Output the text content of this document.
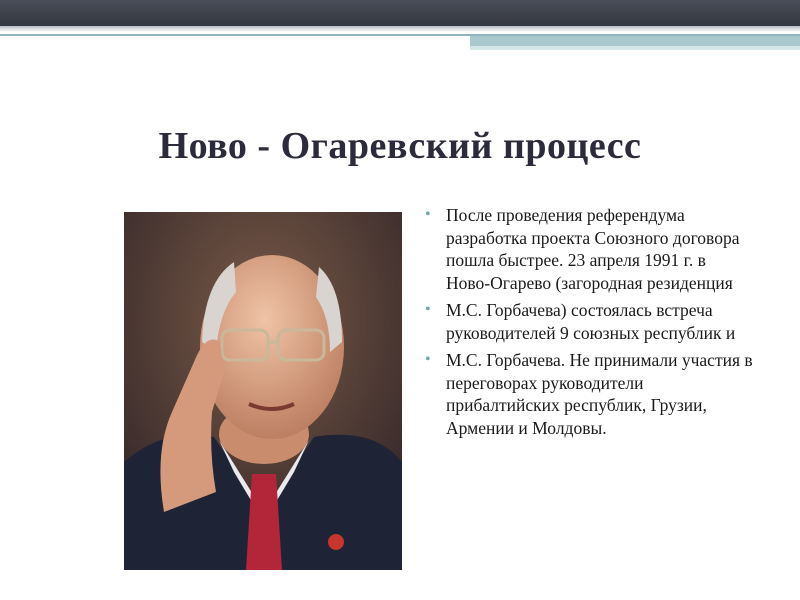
Ново - Огаревский процесс
• После проведения референдума разработка проекта Союзного договора пошла быстрее. 23 апреля 1991 г. в Ново-Огарево (загородная резиденция
• М.С. Горбачева) состоялась встреча руководителей 9 союзных республик и
• М.С. Горбачева. Не принимали участия в переговорах руководители прибалтийских республик, Грузии, Армении и Молдовы.
